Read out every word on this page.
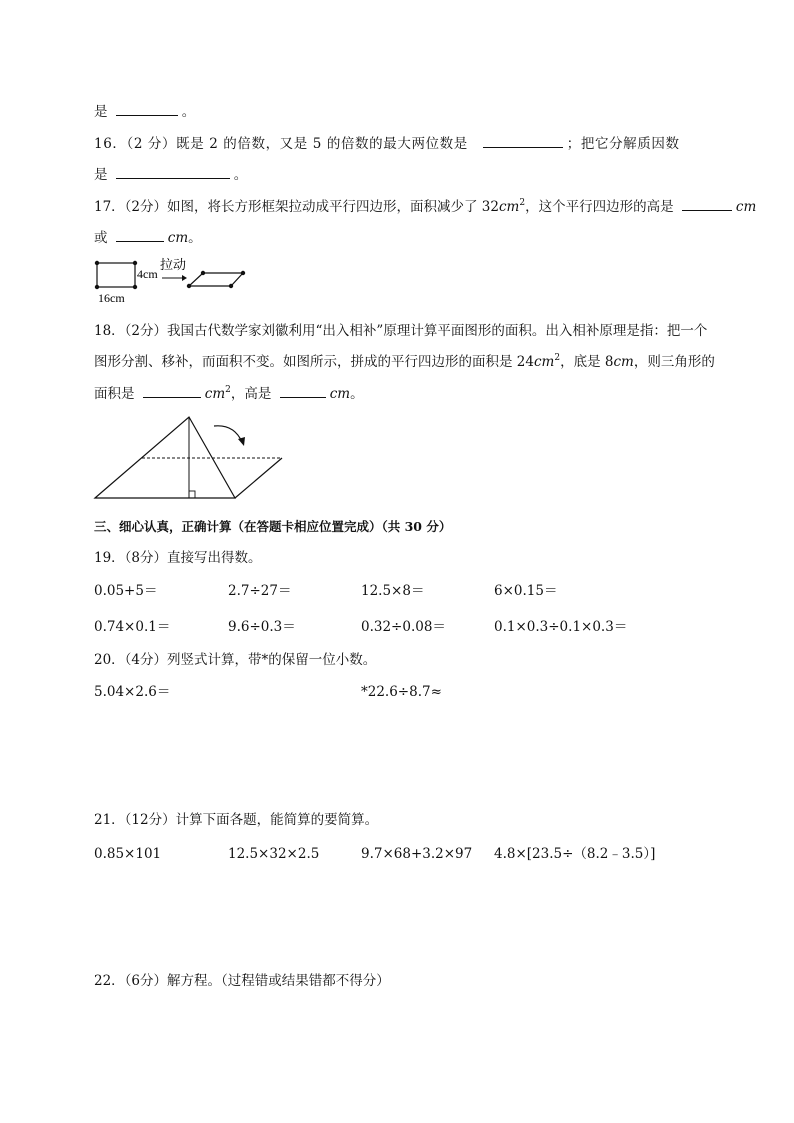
是	。
16．（2 分）既是 2 的倍数，又是 5 的倍数的最大两位数是	；把它分解质因数
是	。
17．（2分）如图，将长方形框架拉动成平行四边形，面积减少了 $32cm^2$，这个平行四边形的高是	cm
或	cm。
4cm
16cm
拉动
18．（2分）我国古代数学家刘徽利用“出入相补”原理计算平面图形的面积。出入相补原理是指：把一个
图形分割、移补，而面积不变。如图所示，拼成的平行四边形的面积是 $24cm^2$，底是 8cm，则三角形的
面积是	$cm^2$，高是	cm。
三、细心认真，正确计算（在答题卡相应位置完成）（共 30 分）
19．（8分）直接写出得数。
0.05+5＝	2.7÷27＝	12.5×8＝	6×0.15＝
0.74×0.1＝	9.6÷0.3＝	0.32÷0.08＝	0.1×0.3÷0.1×0.3＝
20．（4分）列竖式计算，带*的保留一位小数。
5.04×2.6＝	*22.6÷8.7≈
21．（12分）计算下面各题，能简算的要简算。
0.85×101	12.5×32×2.5	9.7×68+3.2×97 4.8×[23.5÷（8.2﹣3.5）]
22．（6分）解方程。（过程错或结果错都不得分）
